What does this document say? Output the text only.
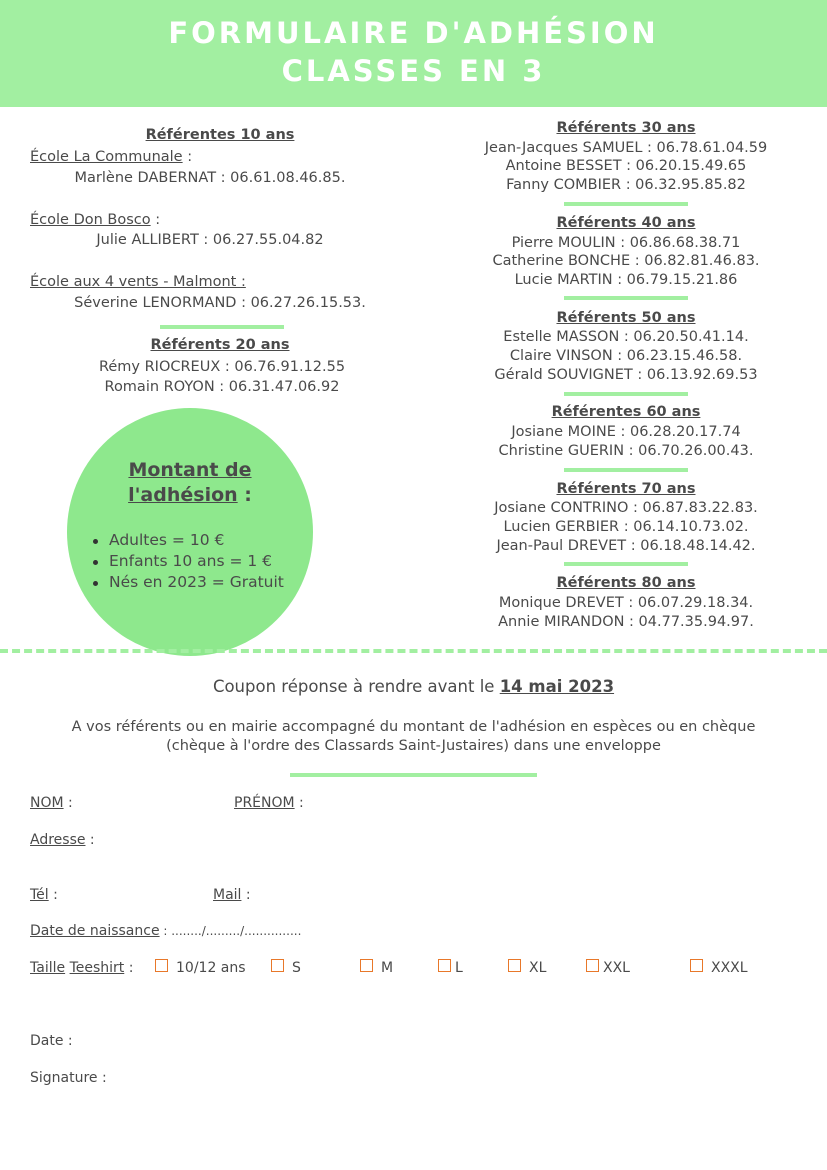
FORMULAIRE D'ADHÉSION
CLASSES EN 3
Référentes 10 ans
École La Communale :
Marlène DABERNAT : 06.61.08.46.85.
École Don Bosco :
Julie ALLIBERT : 06.27.55.04.82
École aux 4 vents - Malmont :
Séverine LENORMAND : 06.27.26.15.53.
Référents 20 ans
Rémy RIOCREUX : 06.76.91.12.55
Romain ROYON : 06.31.47.06.92
Montant de
l'adhésion :
Adultes = 10 €
Enfants 10 ans = 1 €
Nés en 2023 = Gratuit
Référents 30 ans
Jean-Jacques SAMUEL : 06.78.61.04.59
Antoine BESSET : 06.20.15.49.65
Fanny COMBIER : 06.32.95.85.82
Référents 40 ans
Pierre MOULIN : 06.86.68.38.71
Catherine BONCHE : 06.82.81.46.83.
Lucie MARTIN : 06.79.15.21.86
Référents 50 ans
Estelle MASSON : 06.20.50.41.14.
Claire VINSON : 06.23.15.46.58.
Gérald SOUVIGNET : 06.13.92.69.53
Référentes 60 ans
Josiane MOINE : 06.28.20.17.74
Christine GUERIN : 06.70.26.00.43.
Référents 70 ans
Josiane CONTRINO : 06.87.83.22.83.
Lucien GERBIER : 06.14.10.73.02.
Jean-Paul DREVET : 06.18.48.14.42.
Référents 80 ans
Monique DREVET : 06.07.29.18.34.
Annie MIRANDON : 04.77.35.94.97.
Coupon réponse à rendre avant le 14 mai 2023
A vos référents ou en mairie accompagné du montant de l'adhésion en espèces ou en chèque
(chèque à l'ordre des Classards Saint-Justaires) dans une enveloppe
NOM :	PRÉNOM :
Adresse :
Tél :	Mail :
Date de naissance : ......../........./...............
Taille Teeshirt :	10/12 ans	S	M	L	XL	XXL	XXXL
Date :
Signature :
